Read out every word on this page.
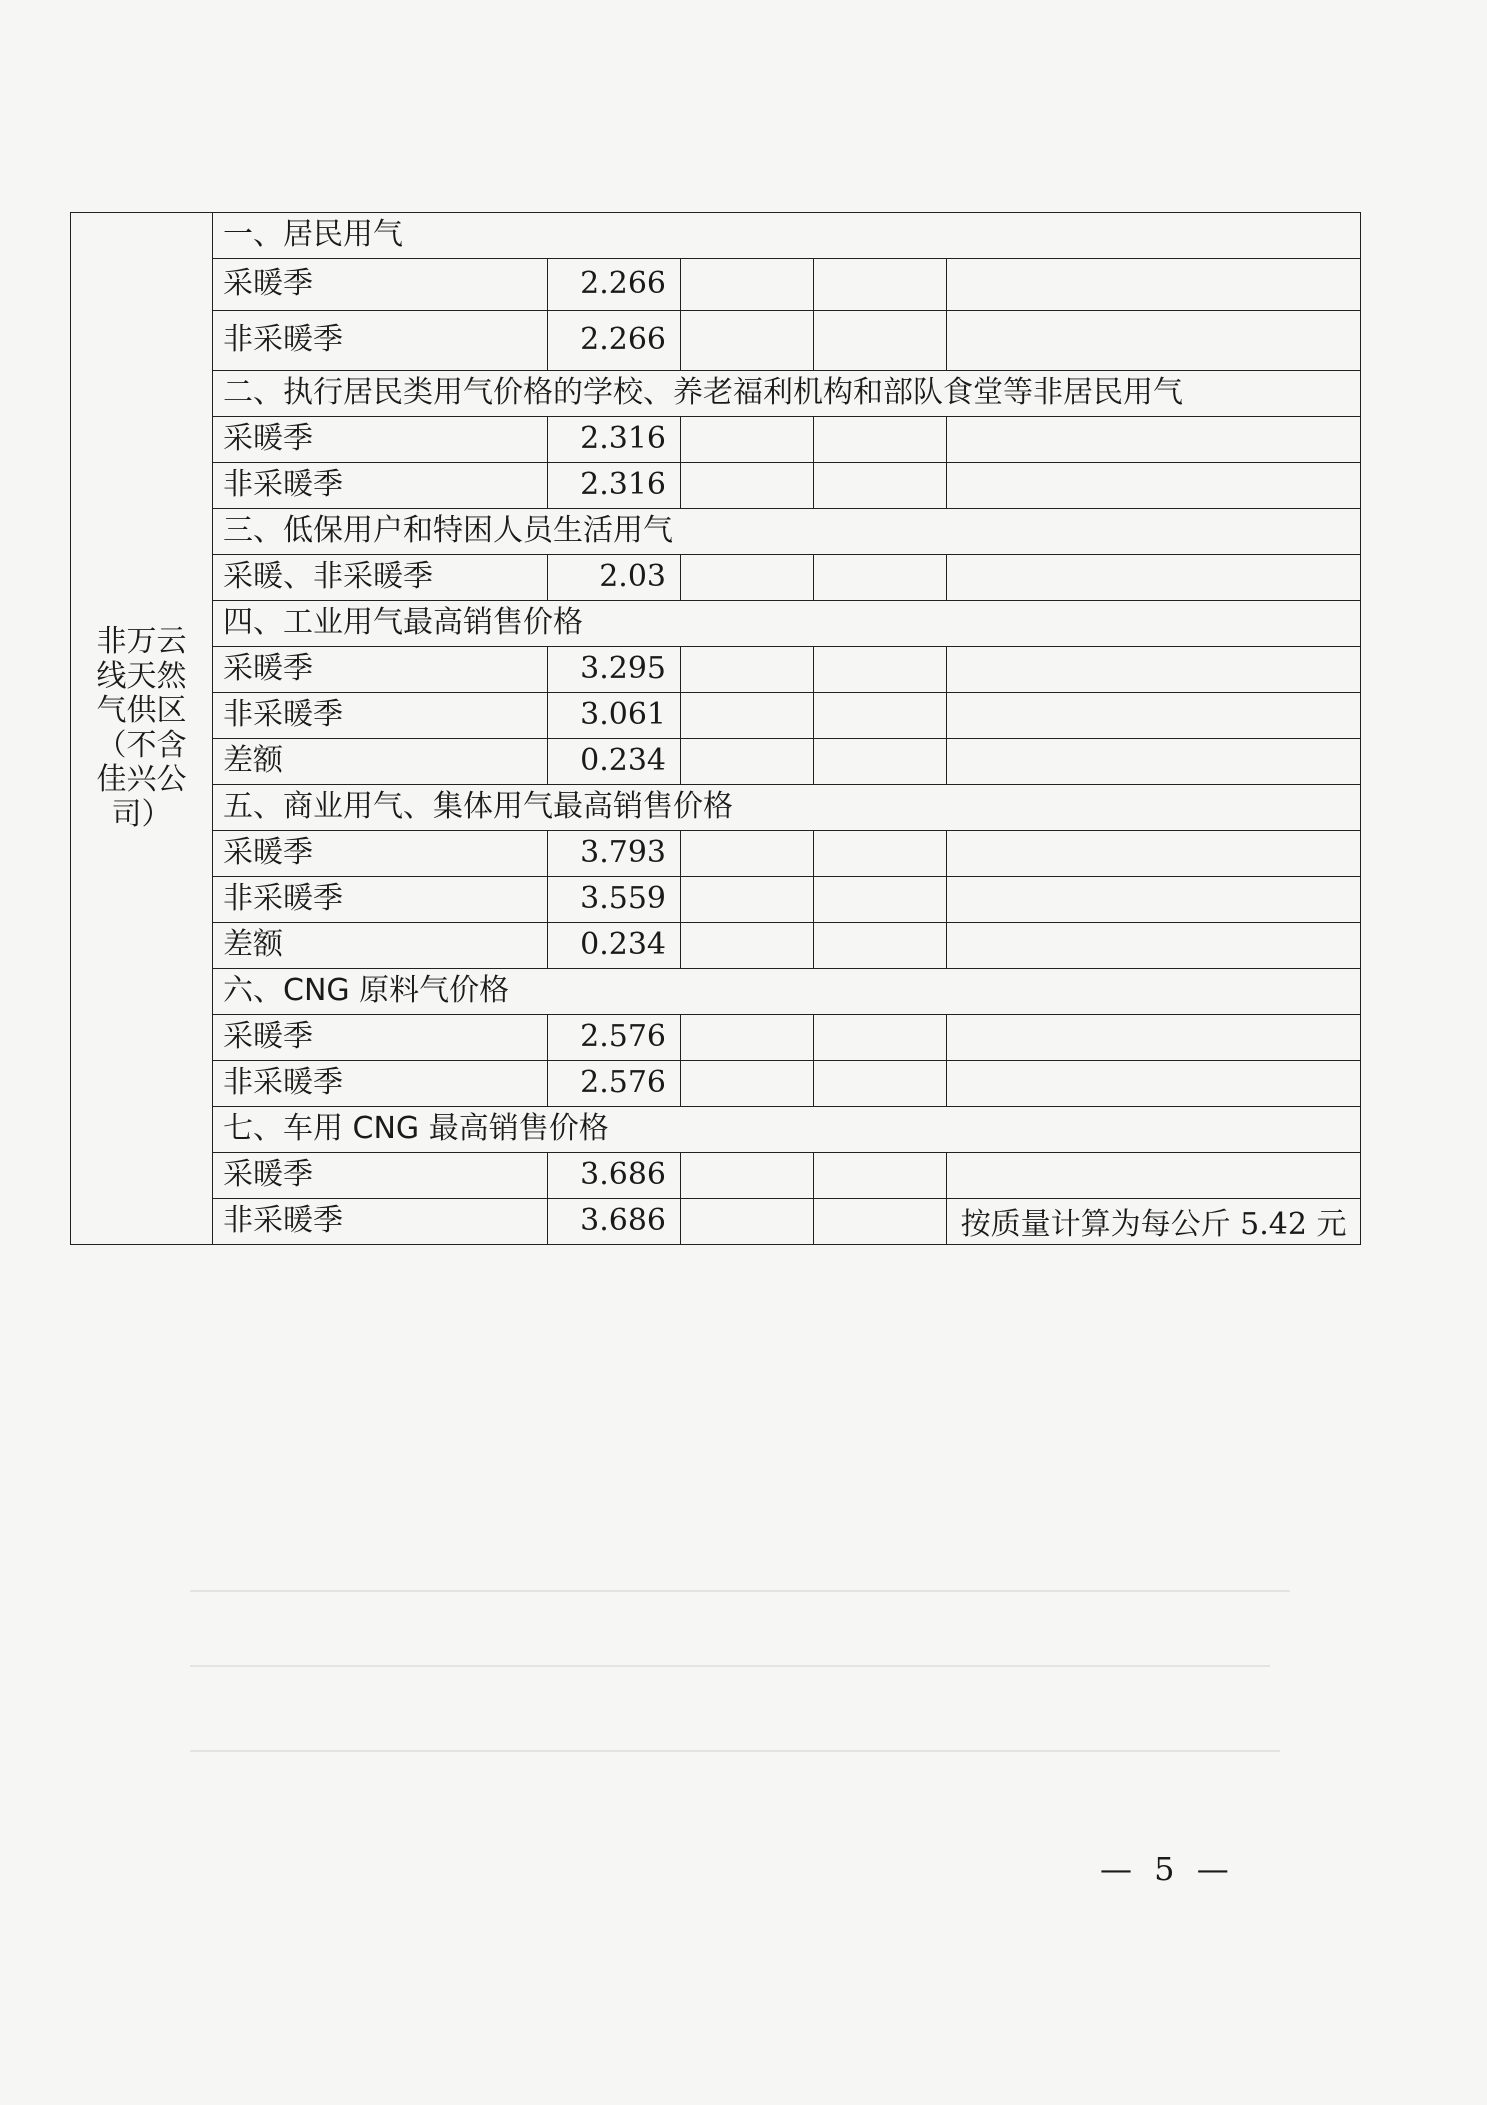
非万云线天然气供区（不含佳兴公司）	一、居民用气				
	采暖季	2.266			
	非采暖季	2.266			
	二、执行居民类用气价格的学校、养老福利机构和部队食堂等非居民用气				
	采暖季	2.316			
	非采暖季	2.316			
	三、低保用户和特困人员生活用气				
	采暖、非采暖季	2.03			
	四、工业用气最高销售价格				
	采暖季	3.295			
	非采暖季	3.061			
	差额	0.234			
	五、商业用气、集体用气最高销售价格				
	采暖季	3.793			
	非采暖季	3.559			
	差额	0.234			
	六、CNG 原料气价格				
	采暖季	2.576			
	非采暖季	2.576			
	七、车用 CNG 最高销售价格				
	采暖季	3.686			
	非采暖季	3.686			按质量计算为每公斤 5.42 元
— 5 —
